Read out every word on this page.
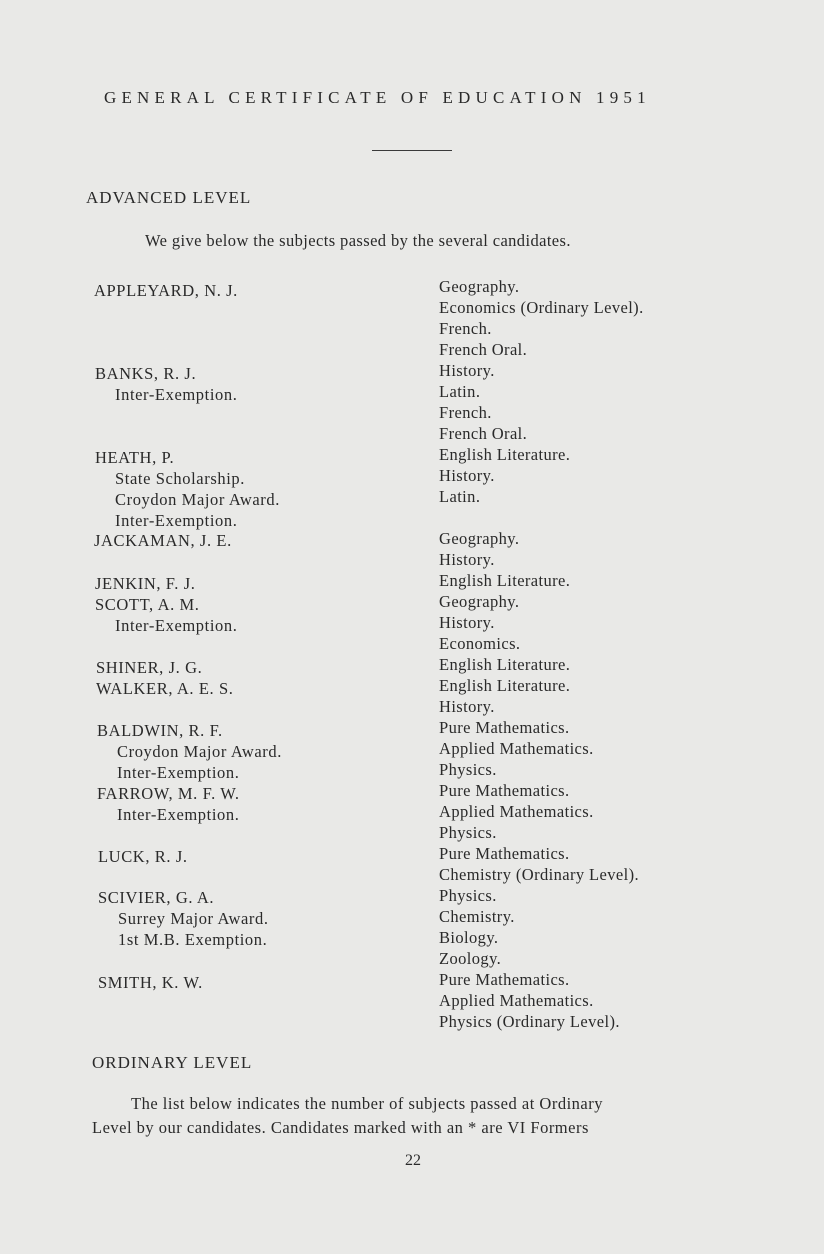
GENERAL CERTIFICATE OF EDUCATION 1951
ADVANCED LEVEL
We give below the subjects passed by the several candidates.
APPLEYARD, N. J.
BANKS, R. J.
Inter-Exemption.
HEATH, P.
State Scholarship.
Croydon Major Award.
Inter-Exemption.
JACKAMAN, J. E.
JENKIN, F. J.
SCOTT, A. M.
Inter-Exemption.
SHINER, J. G.
WALKER, A. E. S.
BALDWIN, R. F.
Croydon Major Award.
Inter-Exemption.
FARROW, M. F. W.
Inter-Exemption.
LUCK, R. J.
SCIVIER, G. A.
Surrey Major Award.
1st M.B. Exemption.
SMITH, K. W.
Geography.
Economics (Ordinary Level).
French.
French Oral.
History.
Latin.
French.
French Oral.
English Literature.
History.
Latin.
Geography.
History.
English Literature.
Geography.
History.
Economics.
English Literature.
English Literature.
History.
Pure Mathematics.
Applied Mathematics.
Physics.
Pure Mathematics.
Applied Mathematics.
Physics.
Pure Mathematics.
Chemistry (Ordinary Level).
Physics.
Chemistry.
Biology.
Zoology.
Pure Mathematics.
Applied Mathematics.
Physics (Ordinary Level).
ORDINARY LEVEL
The list below indicates the number of subjects passed at Ordinary
Level by our candidates. Candidates marked with an * are VI Formers
22
